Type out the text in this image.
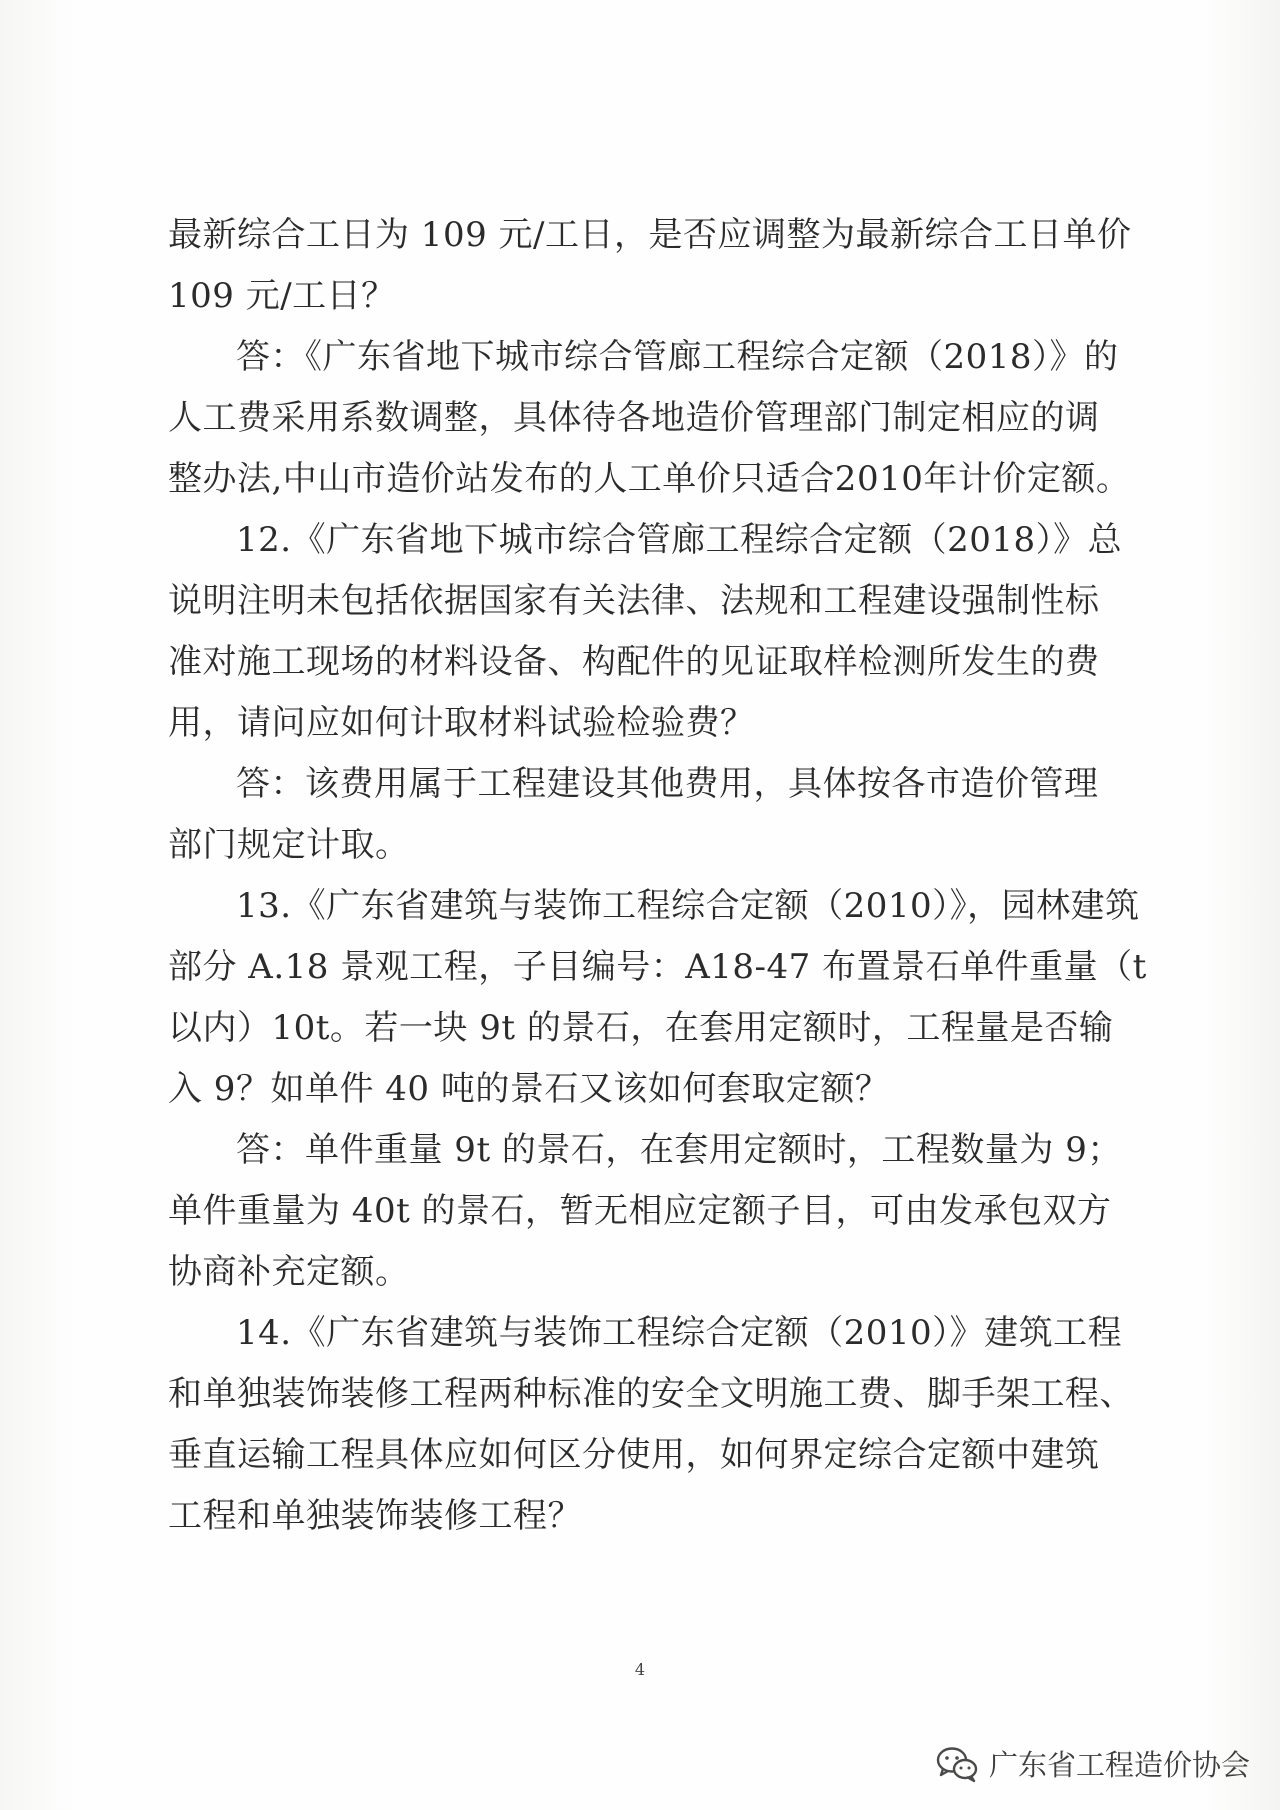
最新综合工日为 109 元/工日，是否应调整为最新综合工日单价
109 元/工日？
答：《广东省地下城市综合管廊工程综合定额（2018）》的
人工费采用系数调整，具体待各地造价管理部门制定相应的调
整办法,中山市造价站发布的人工单价只适合2010年计价定额。
12.《广东省地下城市综合管廊工程综合定额（2018）》总
说明注明未包括依据国家有关法律、法规和工程建设强制性标
准对施工现场的材料设备、构配件的见证取样检测所发生的费
用，请问应如何计取材料试验检验费？
答：该费用属于工程建设其他费用，具体按各市造价管理
部门规定计取。
13.《广东省建筑与装饰工程综合定额（2010）》，园林建筑
部分 A.18 景观工程，子目编号：A18-47 布置景石单件重量（t
以内）10t。若一块 9t 的景石，在套用定额时，工程量是否输
入 9？如单件 40 吨的景石又该如何套取定额？
答：单件重量 9t 的景石，在套用定额时，工程数量为 9；
单件重量为 40t 的景石，暂无相应定额子目，可由发承包双方
协商补充定额。
14.《广东省建筑与装饰工程综合定额（2010）》建筑工程
和单独装饰装修工程两种标准的安全文明施工费、脚手架工程、
垂直运输工程具体应如何区分使用，如何界定综合定额中建筑
工程和单独装饰装修工程？
4
广东省工程造价协会
